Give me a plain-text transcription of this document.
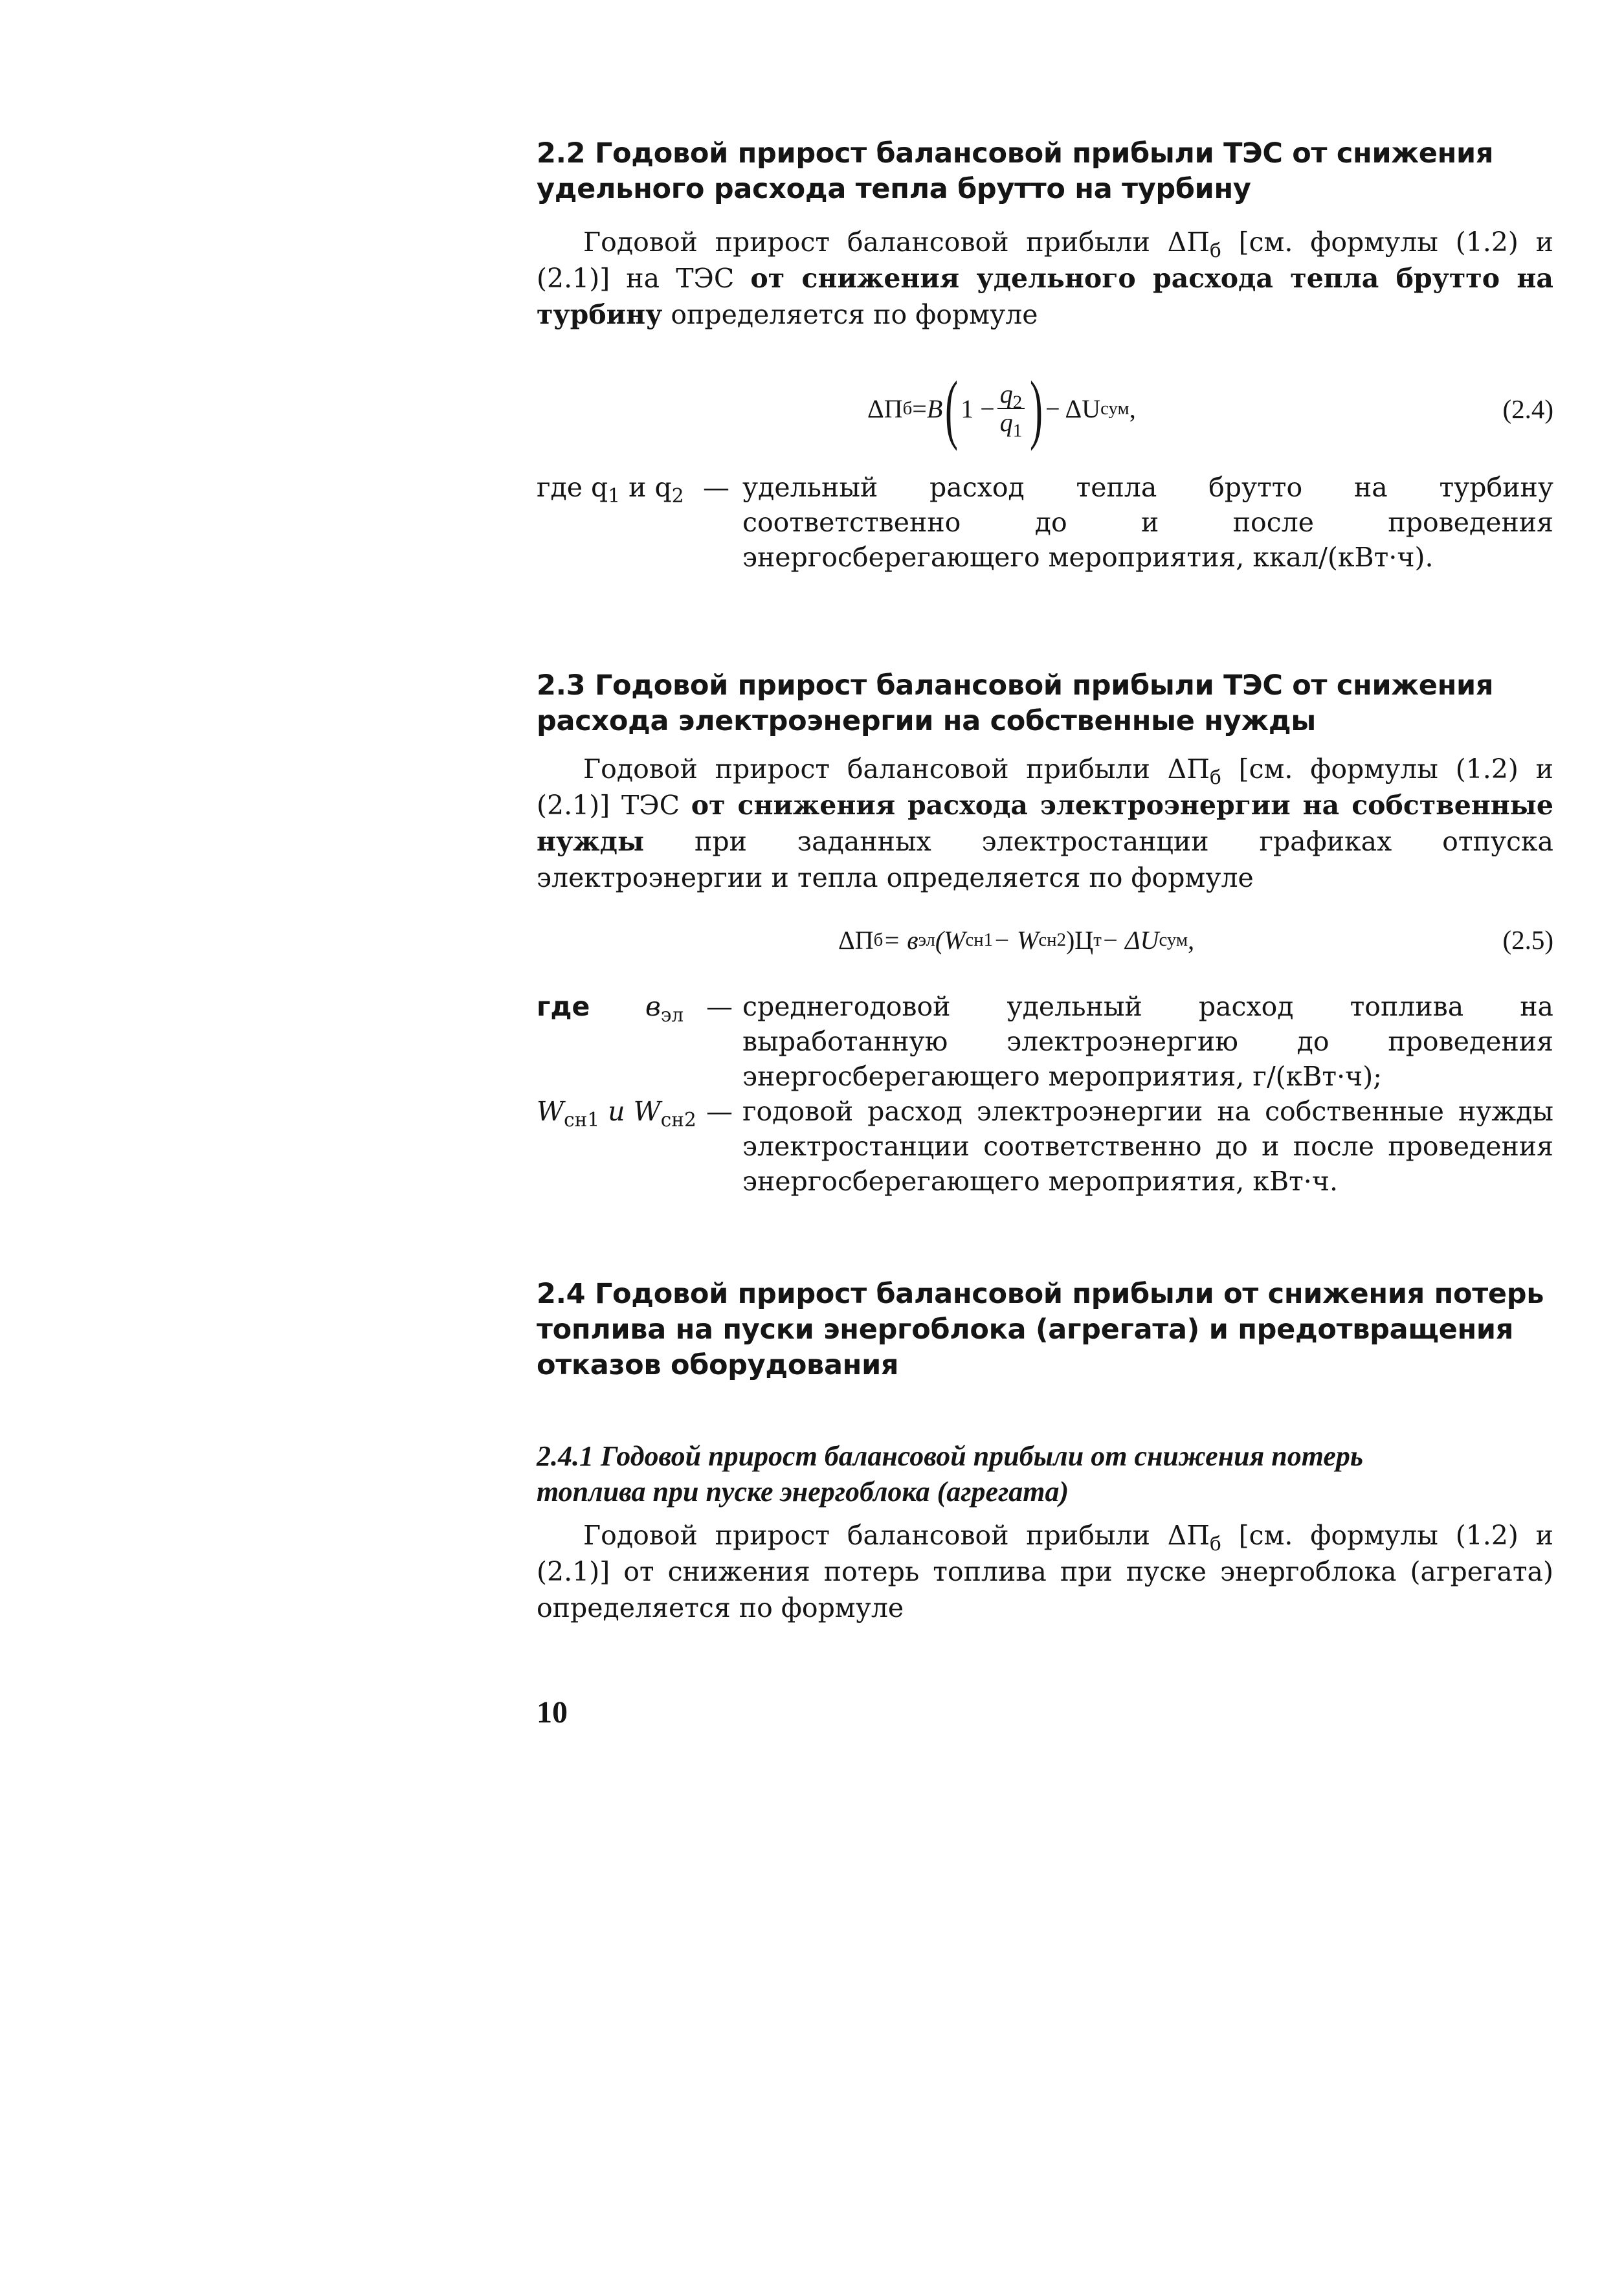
2.2 Годовой прирост балансовой прибыли ТЭС от снижения
удельного расхода тепла брутто на турбину

Годовой прирост балансовой прибыли $\Delta П_б$ [см. формулы (1.2) и (2.1)] на ТЭС от снижения удельного расхода тепла брутто на турбину определяется по формуле

ΔП б = B ( $1 - \frac{q_2}{q_1}$ ) − ΔU сум ,	(2.4)
где $q_1$ и $q_2$ — удельный расход тепла брутто на турбину соответственно до и после проведения энергосберегающего мероприятия, ккал/(кВт·ч).
2.3 Годовой прирост балансовой прибыли ТЭС от снижения
расхода электроэнергии на собственные нужды

Годовой прирост балансовой прибыли $\Delta П_б$ [см. формулы (1.2) и (2.1)] ТЭС от снижения расхода электроэнергии на собственные нужды при заданных электростанции графиках отпуска электроэнергии и тепла определяется по формуле

ΔП б = в эл (W сн1 − W сн2 )Ц т − ΔU сум ,	(2.5)
где $в_{эл}$ — среднегодовой удельный расход топлива на выработанную электроэнергию до проведения энергосберегающего мероприятия, г/(кВт·ч);
$W_{сн1}$ и $W_{сн2}$ — годовой расход электроэнергии на собственные нужды электростанции соответственно до и после проведения энергосберегающего мероприятия, кВт·ч.
2.4 Годовой прирост балансовой прибыли от снижения потерь
топлива на пуски энергоблока (агрегата) и предотвращения
отказов оборудования
2.4.1 Годовой прирост балансовой прибыли от снижения потерь
топлива при пуске энергоблока (агрегата)

Годовой прирост балансовой прибыли $\Delta П_б$ [см. формулы (1.2) и (2.1)] от снижения потерь топлива при пуске энергоблока (агрегата) определяется по формуле

10
